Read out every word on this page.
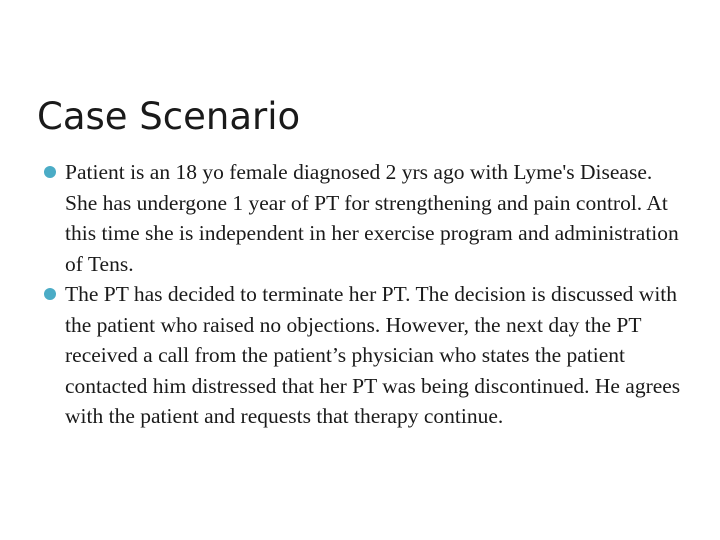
Case Scenario
Patient is an 18 yo female diagnosed 2 yrs ago with Lyme's Disease. She has undergone 1 year of PT for strengthening and pain control. At this time she is independent in her exercise program and administration of Tens.
The PT has decided to terminate her PT. The decision is discussed with the patient who raised no objections. However, the next day the PT received a call from the patient’s physician who states the patient contacted him distressed that her PT was being discontinued. He agrees with the patient and requests that therapy continue.
